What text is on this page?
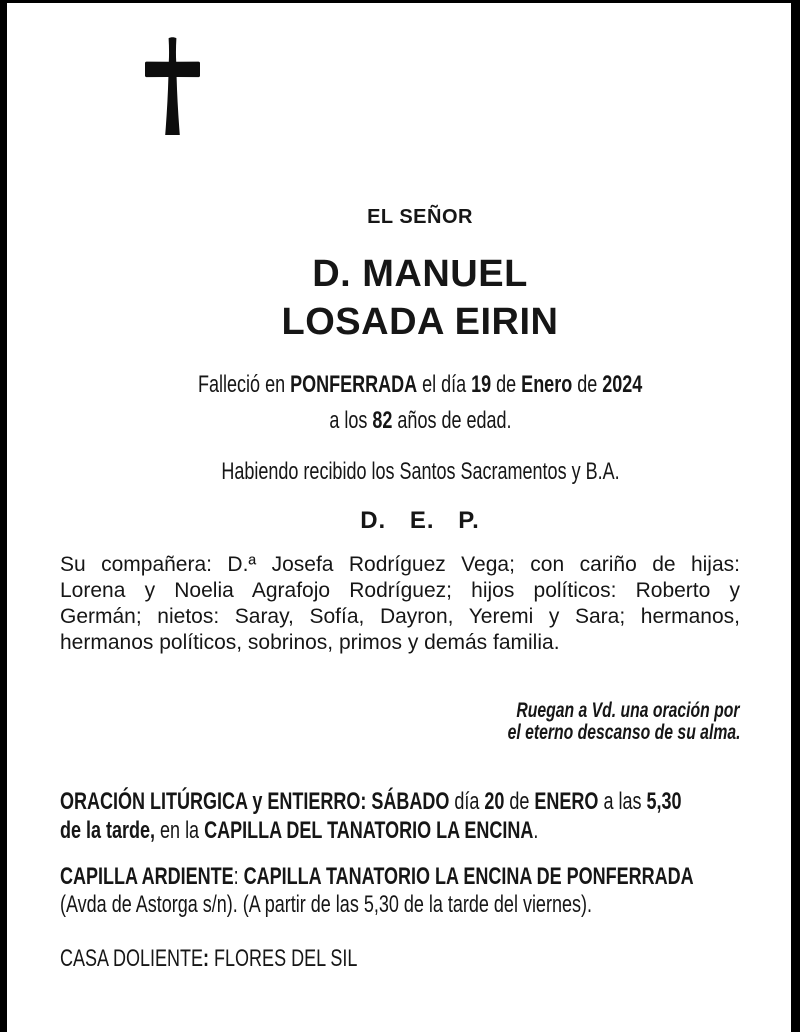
EL SEÑOR
D. MANUEL
LOSADA EIRIN
Falleció en PONFERRADA el día 19 de Enero de 2024
a los 82 años de edad.
Habiendo recibido los Santos Sacramentos y B.A.
D. E. P.
Su compañera: D.ª Josefa Rodríguez Vega; con cariño de hijas:
Lorena y Noelia Agrafojo Rodríguez; hijos políticos: Roberto y
Germán; nietos: Saray, Sofía, Dayron, Yeremi y Sara; hermanos,
hermanos políticos, sobrinos, primos y demás familia.
Ruegan a Vd. una oración por
el eterno descanso de su alma.
ORACIÓN LITÚRGICA y ENTIERRO: SÁBADO día 20 de ENERO a las 5,30
de la tarde, en la CAPILLA DEL TANATORIO LA ENCINA.
CAPILLA ARDIENTE: CAPILLA TANATORIO LA ENCINA DE PONFERRADA
(Avda de Astorga s/n). (A partir de las 5,30 de la tarde del viernes).
CASA DOLIENTE: FLORES DEL SIL
